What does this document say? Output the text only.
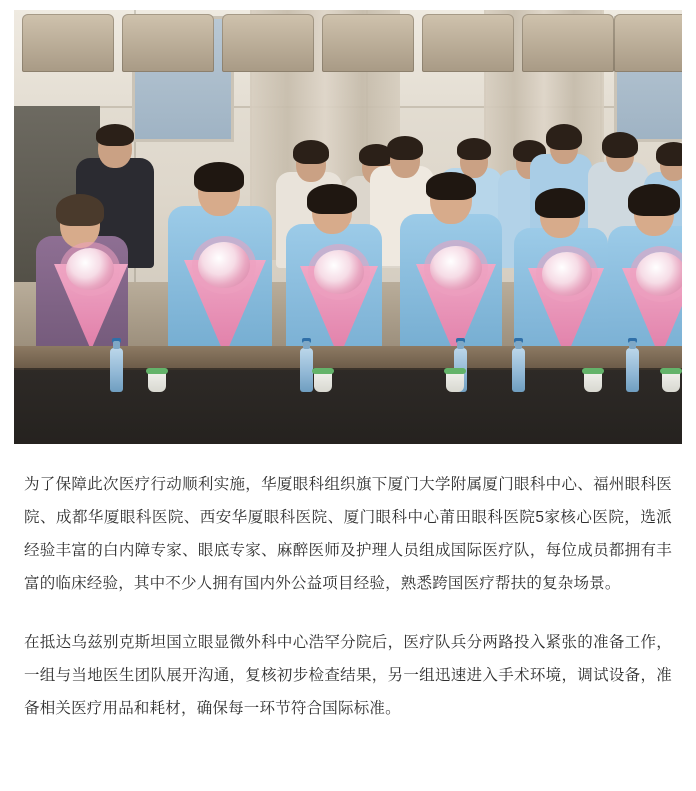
为了保障此次医疗行动顺利实施，华厦眼科组织旗下厦门大学附属厦门眼科中心、福州眼科医院、成都华厦眼科医院、西安华厦眼科医院、厦门眼科中心莆田眼科医院5家核心医院，选派经验丰富的白内障专家、眼底专家、麻醉医师及护理人员组成国际医疗队，每位成员都拥有丰富的临床经验，其中不少人拥有国内外公益项目经验，熟悉跨国医疗帮扶的复杂场景。

在抵达乌兹别克斯坦国立眼显微外科中心浩罕分院后，医疗队兵分两路投入紧张的准备工作，一组与当地医生团队展开沟通，复核初步检查结果，另一组迅速进入手术环境，调试设备，准备相关医疗用品和耗材，确保每一环节符合国际标准。
